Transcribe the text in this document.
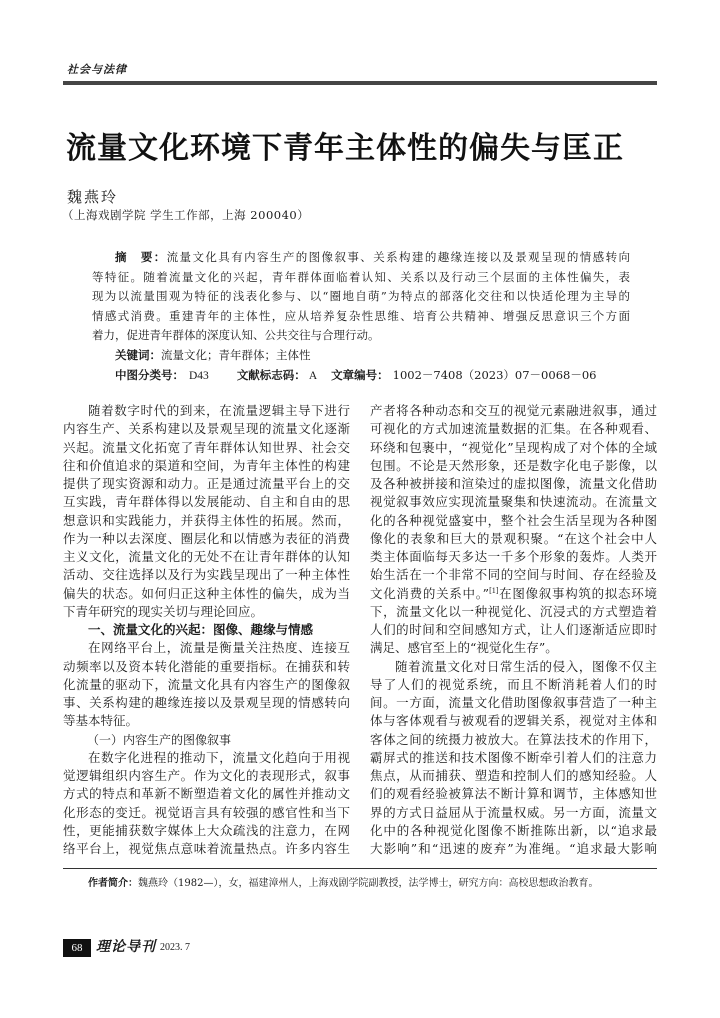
社会与法律
流量文化环境下青年主体性的偏失与匡正
魏燕玲
（上海戏剧学院 学生工作部，上海 200040）
摘　要：流量文化具有内容生产的图像叙事、关系构建的趣缘连接以及景观呈现的情感转向
等特征。随着流量文化的兴起，青年群体面临着认知、关系以及行动三个层面的主体性偏失，表
现为以流量围观为特征的浅表化参与、以“圈地自萌”为特点的部落化交往和以快适伦理为主导的
情感式消费。重建青年的主体性，应从培养复杂性思维、培育公共精神、增强反思意识三个方面
着力，促进青年群体的深度认知、公共交往与合理行动。
关键词：流量文化；青年群体；主体性
中图分类号： D43 文献标志码： A 文章编号： 1002－7408（2023）07－0068－06
随着数字时代的到来，在流量逻辑主导下进行
内容生产、关系构建以及景观呈现的流量文化逐渐
兴起。流量文化拓宽了青年群体认知世界、社会交
往和价值追求的渠道和空间，为青年主体性的构建
提供了现实资源和动力。正是通过流量平台上的交
互实践，青年群体得以发展能动、自主和自由的思
想意识和实践能力，并获得主体性的拓展。然而，
作为一种以去深度、圈层化和以情感为表征的消费
主义文化，流量文化的无处不在让青年群体的认知
活动、交往选择以及行为实践呈现出了一种主体性
偏失的状态。如何归正这种主体性的偏失，成为当
下青年研究的现实关切与理论回应。
一、流量文化的兴起：图像、趣缘与情感
在网络平台上，流量是衡量关注热度、连接互
动频率以及资本转化潜能的重要指标。在捕获和转
化流量的驱动下，流量文化具有内容生产的图像叙
事、关系构建的趣缘连接以及景观呈现的情感转向
等基本特征。
（一）内容生产的图像叙事
在数字化进程的推动下，流量文化趋向于用视
觉逻辑组织内容生产。作为文化的表现形式，叙事
方式的特点和革新不断塑造着文化的属性并推动文
化形态的变迁。视觉语言具有较强的感官性和当下
性，更能捕获数字媒体上大众疏浅的注意力，在网
络平台上，视觉焦点意味着流量热点。许多内容生
产者将各种动态和交互的视觉元素融进叙事，通过
可视化的方式加速流量数据的汇集。在各种观看、
环绕和包裹中，“视觉化”呈现构成了对个体的全域
包围。不论是天然形象，还是数字化电子影像，以
及各种被拼接和渲染过的虚拟图像，流量文化借助
视觉叙事效应实现流量聚集和快速流动。在流量文
化的各种视觉盛宴中，整个社会生活呈现为各种图
像化的表象和巨大的景观积聚。“在这个社会中人
类主体面临每天多达一千多个形象的轰炸。人类开
始生活在一个非常不同的空间与时间、存在经验及
文化消费的关系中。”[1]在图像叙事构筑的拟态环境
下，流量文化以一种视觉化、沉浸式的方式塑造着
人们的时间和空间感知方式，让人们逐渐适应即时
满足、感官至上的“视觉化生存”。
随着流量文化对日常生活的侵入，图像不仅主
导了人们的视觉系统，而且不断消耗着人们的时
间。一方面，流量文化借助图像叙事营造了一种主
体与客体观看与被观看的逻辑关系，视觉对主体和
客体之间的统摄力被放大。在算法技术的作用下，
霸屏式的推送和技术图像不断牵引着人们的注意力
焦点，从而捕获、塑造和控制人们的感知经验。人
们的观看经验被算法不断计算和调节，主体感知世
界的方式日益屈从于流量权威。另一方面，流量文
化中的各种视觉化图像不断推陈出新，以“追求最
大影响”和“迅速的废弃”为准绳。“追求最大影响
作者简介：魏燕玲（1982—），女，福建漳州人，上海戏剧学院副教授，法学博士，研究方向：高校思想政治教育。
68 理论导刊 2023. 7
